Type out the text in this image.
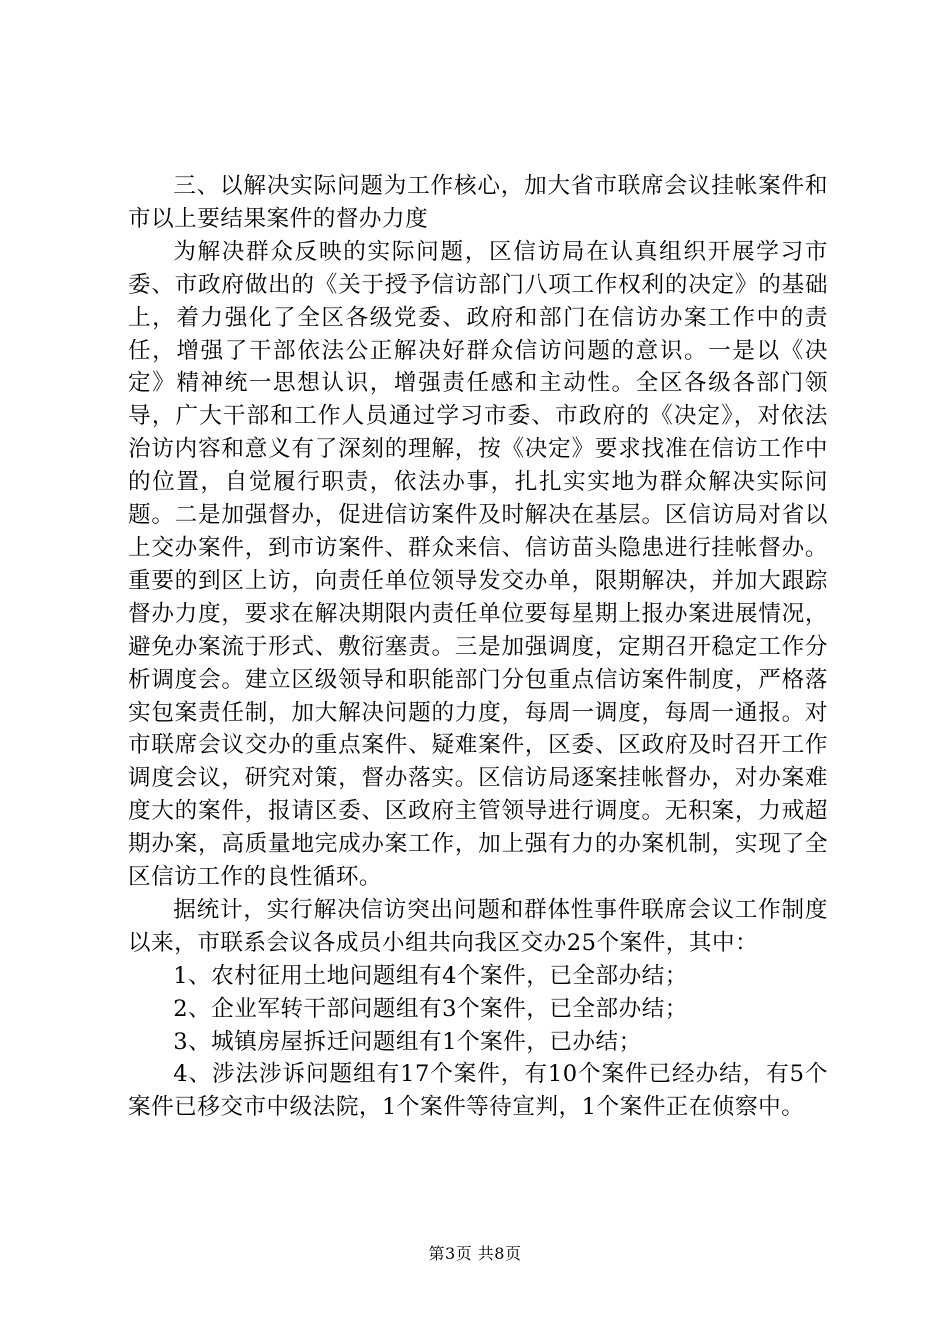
三、以解决实际问题为工作核心，加大省市联席会议挂帐案件和市以上要结果案件的督办力度

为解决群众反映的实际问题，区信访局在认真组织开展学习市委、市政府做出的《关于授予信访部门八项工作权利的决定》的基础上，着力强化了全区各级党委、政府和部门在信访办案工作中的责任，增强了干部依法公正解决好群众信访问题的意识。一是以《决定》精神统一思想认识，增强责任感和主动性。全区各级各部门领导，广大干部和工作人员通过学习市委、市政府的《决定》，对依法治访内容和意义有了深刻的理解，按《决定》要求找准在信访工作中的位置，自觉履行职责，依法办事，扎扎实实地为群众解决实际问题。二是加强督办，促进信访案件及时解决在基层。区信访局对省以上交办案件，到市访案件、群众来信、信访苗头隐患进行挂帐督办。重要的到区上访，向责任单位领导发交办单，限期解决，并加大跟踪督办力度，要求在解决期限内责任单位要每星期上报办案进展情况，避免办案流于形式、敷衍塞责。三是加强调度，定期召开稳定工作分析调度会。建立区级领导和职能部门分包重点信访案件制度，严格落实包案责任制，加大解决问题的力度，每周一调度，每周一通报。对市联席会议交办的重点案件、疑难案件，区委、区政府及时召开工作调度会议，研究对策，督办落实。区信访局逐案挂帐督办，对办案难度大的案件，报请区委、区政府主管领导进行调度。无积案，力戒超期办案，高质量地完成办案工作，加上强有力的办案机制，实现了全区信访工作的良性循环。

据统计，实行解决信访突出问题和群体性事件联席会议工作制度以来，市联系会议各成员小组共向我区交办25个案件，其中：

1、农村征用土地问题组有4个案件，已全部办结；

2、企业军转干部问题组有3个案件，已全部办结；

3、城镇房屋拆迁问题组有1个案件，已办结；

4、涉法涉诉问题组有17个案件，有10个案件已经办结，有5个案件已移交市中级法院，1个案件等待宣判，1个案件正在侦察中。

第3页 共8页
